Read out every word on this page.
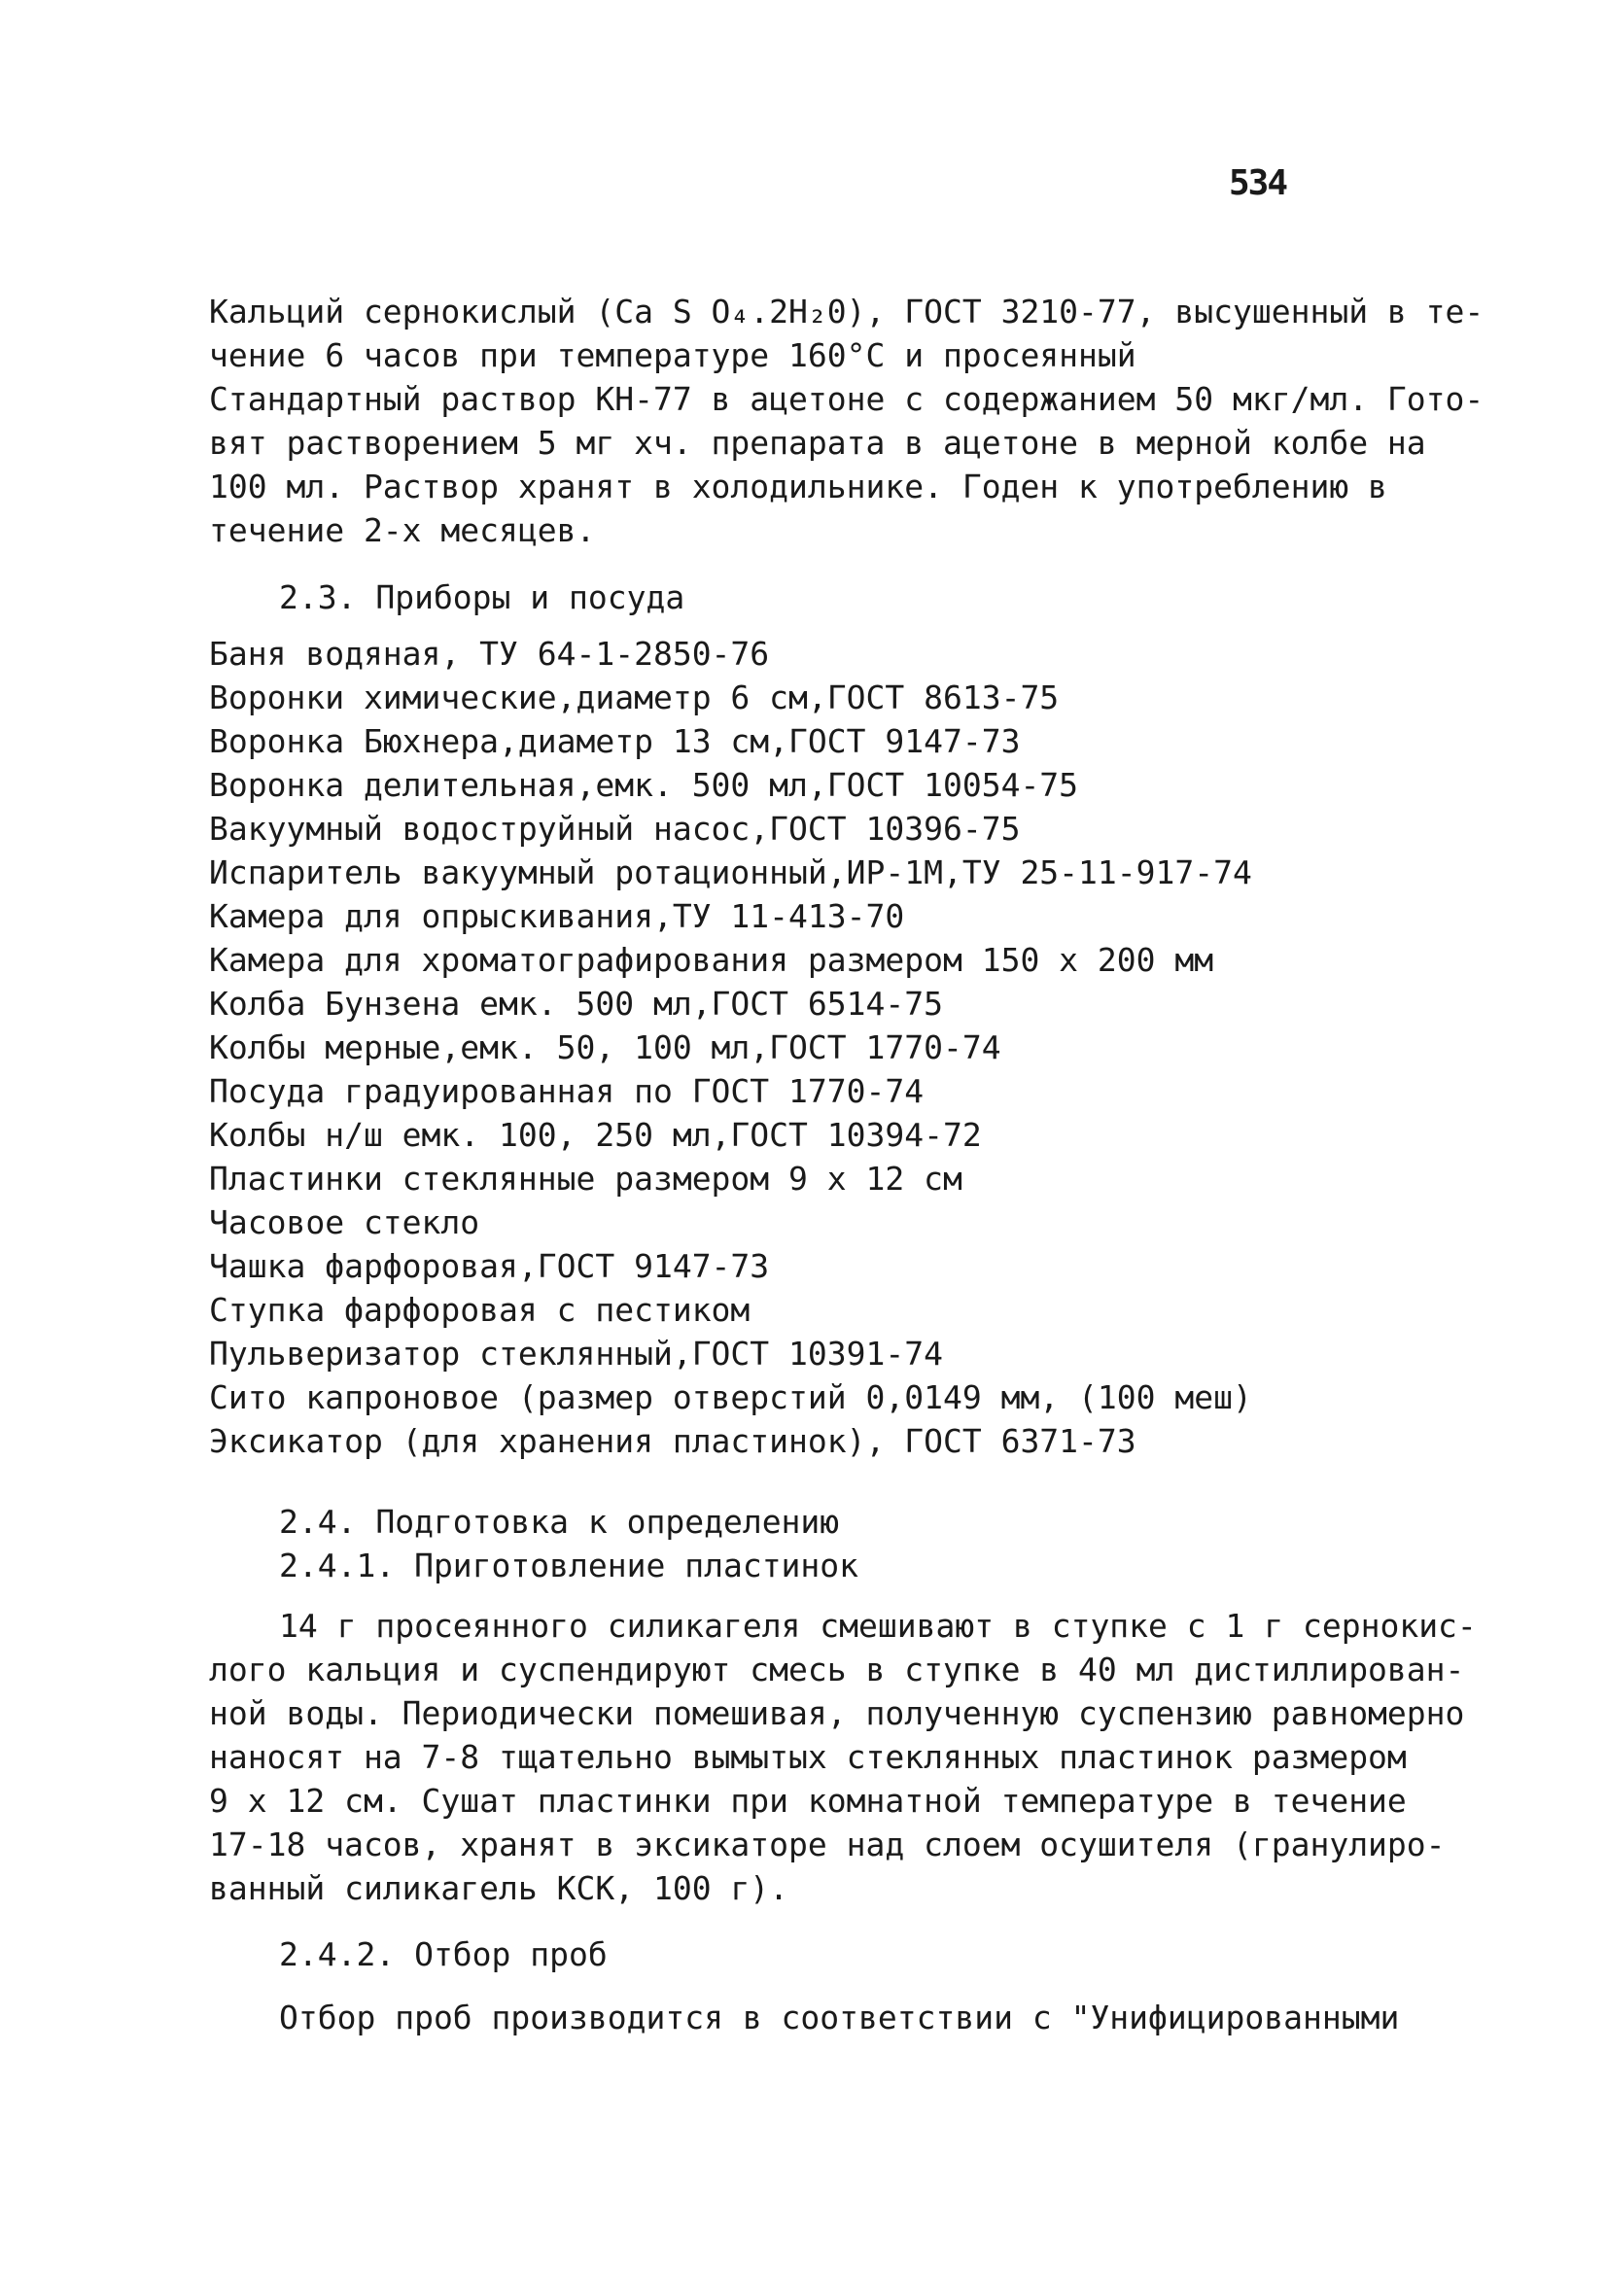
534
Кальций сернокислый (Са S O₄.2Н₂0), ГОСТ 3210-77, высушенный в те-
чение 6 часов при температуре 160°С и просеянный
Стандартный раствор КН-77 в ацетоне с содержанием 50 мкг/мл. Гото-
вят растворением 5 мг хч. препарата в ацетоне в мерной колбе на
100 мл. Раствор хранят в холодильнике. Годен к употреблению в
течение 2-х месяцев.
2.3. Приборы и посуда
Баня водяная, ТУ 64-1-2850-76
Воронки химические,диаметр 6 см,ГОСТ 8613-75
Воронка Бюхнера,диаметр 13 см,ГОСТ 9147-73
Воронка делительная,емк. 500 мл,ГОСТ 10054-75
Вакуумный водоструйный насос,ГОСТ 10396-75
Испаритель вакуумный ротационный,ИР-1М,ТУ 25-11-917-74
Камера для опрыскивания,ТУ 11-413-70
Камера для хроматографирования размером 150 х 200 мм
Колба Бунзена емк. 500 мл,ГОСТ 6514-75
Колбы мерные,емк. 50, 100 мл,ГОСТ 1770-74
Посуда градуированная по ГОСТ 1770-74
Колбы н/ш емк. 100, 250 мл,ГОСТ 10394-72
Пластинки стеклянные размером 9 х 12 см
Часовое стекло
Чашка фарфоровая,ГОСТ 9147-73
Ступка фарфоровая с пестиком
Пульверизатор стеклянный,ГОСТ 10391-74
Сито капроновое (размер отверстий 0,0149 мм, (100 меш)
Эксикатор (для хранения пластинок), ГОСТ 6371-73
2.4. Подготовка к определению
2.4.1. Приготовление пластинок
14 г просеянного силикагеля смешивают в ступке с 1 г сернокис-
лого кальция и суспендируют смесь в ступке в 40 мл дистиллирован-
ной воды. Периодически помешивая, полученную суспензию равномерно
наносят на 7-8 тщательно вымытых стеклянных пластинок размером
9 х 12 см. Сушат пластинки при комнатной температуре в течение
17-18 часов, хранят в эксикаторе над слоем осушителя (гранулиро-
ванный силикагель КСК, 100 г).
2.4.2. Отбор проб
Отбор проб производится в соответствии с "Унифицированными
